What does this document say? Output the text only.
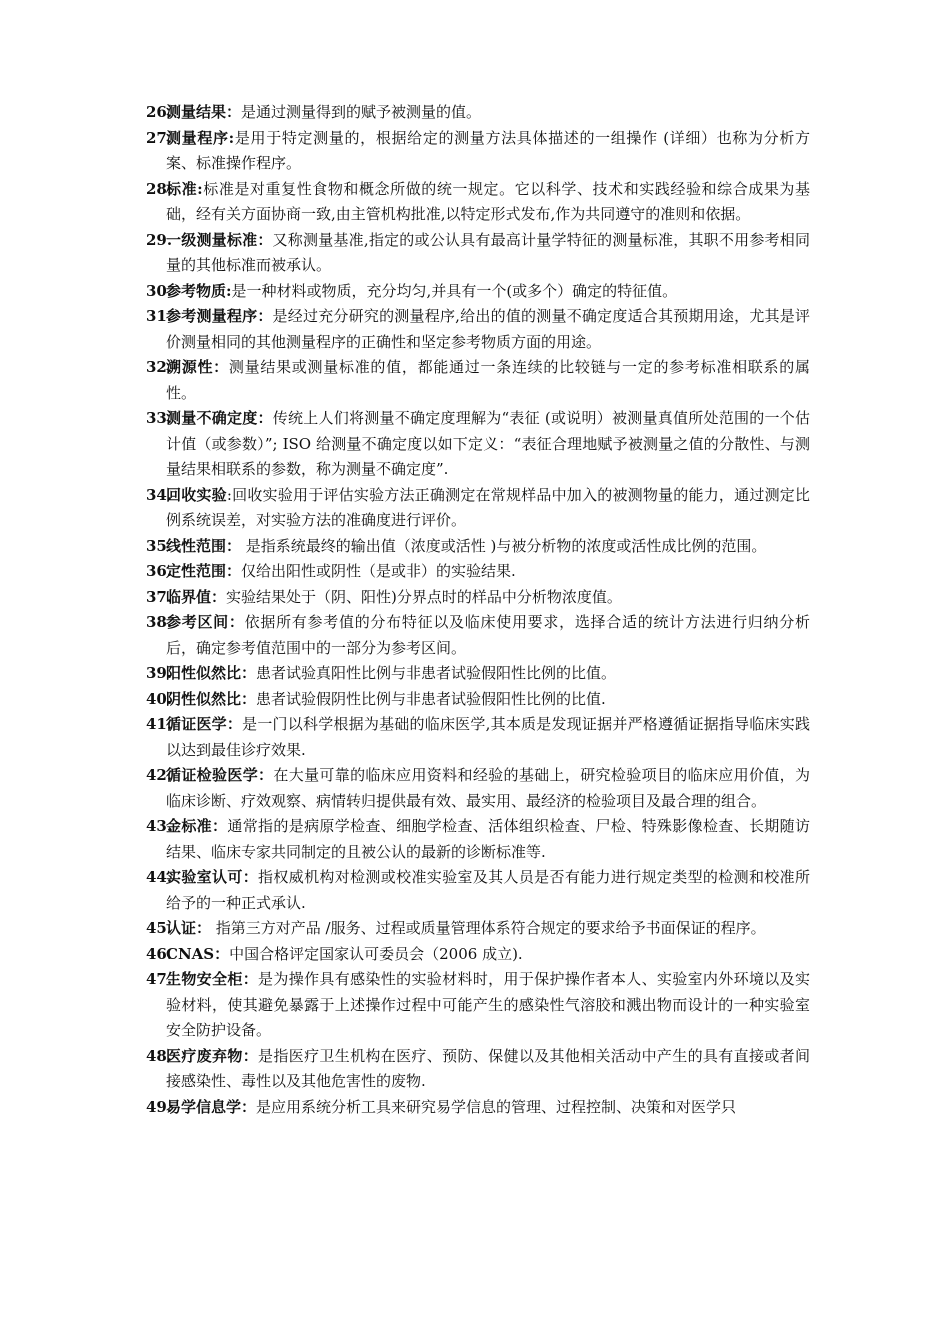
26.
测量结果：是通过测量得到的赋予被测量的值。

27.
测量程序:是用于特定测量的，根据给定的测量方法具体描述的一组操作 (详细）也称为分析方案、标准操作程序。

28.
标准:标准是对重复性食物和概念所做的统一规定。它以科学、技术和实践经验和综合成果为基础，经有关方面协商一致,由主管机构批准,以特定形式发布,作为共同遵守的准则和依据。

29.
一级测量标准：又称测量基准,指定的或公认具有最高计量学特征的测量标准，其职不用参考相同量的其他标准而被承认。

30.
参考物质:是一种材料或物质，充分均匀,并具有一个(或多个）确定的特征值。

31.
参考测量程序：是经过充分研究的测量程序,给出的值的测量不确定度适合其预期用途，尤其是评价测量相同的其他测量程序的正确性和坚定参考物质方面的用途。

32.
溯源性：测量结果或测量标准的值，都能通过一条连续的比较链与一定的参考标准相联系的属性。

33.
测量不确定度：传统上人们将测量不确定度理解为“表征 (或说明）被测量真值所处范围的一个估计值（或参数）”; ISO 给测量不确定度以如下定义：“表征合理地赋予被测量之值的分散性、与测量结果相联系的参数，称为测量不确定度”.

34.
回收实验:回收实验用于评估实验方法正确测定在常规样品中加入的被测物量的能力，通过测定比例系统误差，对实验方法的准确度进行评价。

35.
线性范围： 是指系统最终的输出值（浓度或活性 )与被分析物的浓度或活性成比例的范围。

36.
定性范围：仅给出阳性或阴性（是或非）的实验结果.

37.
临界值：实验结果处于（阴、阳性)分界点时的样品中分析物浓度值。

38.
参考区间：依据所有参考值的分布特征以及临床使用要求，选择合适的统计方法进行归纳分析后，确定参考值范围中的一部分为参考区间。

39.
阳性似然比：患者试验真阳性比例与非患者试验假阳性比例的比值。

40.
阴性似然比：患者试验假阴性比例与非患者试验假阳性比例的比值.

41.
循证医学：是一门以科学根据为基础的临床医学,其本质是发现证据并严格遵循证据指导临床实践以达到最佳诊疗效果.

42.
循证检验医学：在大量可靠的临床应用资料和经验的基础上，研究检验项目的临床应用价值，为临床诊断、疗效观察、病情转归提供最有效、最实用、最经济的检验项目及最合理的组合。

43.
金标准：通常指的是病原学检查、细胞学检查、活体组织检查、尸检、特殊影像检查、长期随访结果、临床专家共同制定的且被公认的最新的诊断标准等.

44.
实验室认可：指权威机构对检测或校准实验室及其人员是否有能力进行规定类型的检测和校准所给予的一种正式承认.

45.
认证： 指第三方对产品 /服务、过程或质量管理体系符合规定的要求给予书面保证的程序。

46.
CNAS：中国合格评定国家认可委员会（2006 成立).

47.
生物安全柜：是为操作具有感染性的实验材料时，用于保护操作者本人、实验室内外环境以及实验材料，使其避免暴露于上述操作过程中可能产生的感染性气溶胶和溅出物而设计的一种实验室安全防护设备。

48.
医疗废弃物：是指医疗卫生机构在医疗、预防、保健以及其他相关活动中产生的具有直接或者间接感染性、毒性以及其他危害性的废物.

49.
易学信息学：是应用系统分析工具来研究易学信息的管理、过程控制、决策和对医学只
